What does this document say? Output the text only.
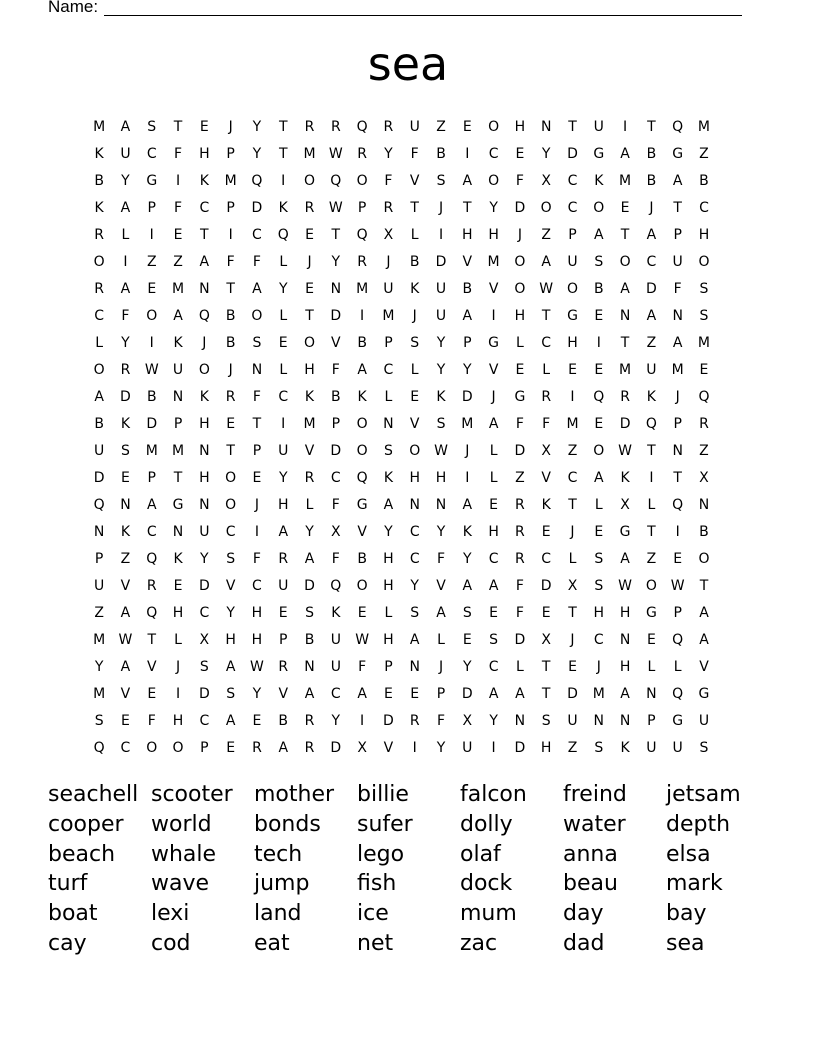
Name:
sea
M	A	S	T	E	J	Y	T	R	R	Q	R	U	Z	E	O	H	N	T	U	I	T	Q	M
K	U	C	F	H	P	Y	T	M W	R	Y	F	B	I	C	E	Y	D	G	A	B	G	Z
B	Y	G	I	K	M	Q	I	O	Q	O	F	V	S	A	O	F	X	C	K	M	B	A	B
K	A	P	F	C	P	D	K	R	W	P	R	T	J	T	Y	D	O	C	O	E	J	T	C
R	L	I	E	T	I	C	Q	E	T	Q	X	L	I	H	H	J	Z	P	A	T	A	P	H
O	I	Z	Z	A	F	F	L	J	Y	R	J	B	D	V	M	O	A	U	S	O	C	U	O
R	A	E	M	N	T	A	Y	E	N	M	U	K	U	B	V	O W O	B	A	D	F	S
C	F	O	A	Q	B	O	L	T	D	I	M	J	U	A	I	H	T	G	E	N	A	N	S
L	Y	I	K	J	B	S	E	O	V	B	P	S	Y	P	G	L	C	H	I	T	Z	A	M
O	R	W	U	O	J	N	L	H	F	A	C	L	Y	Y	V	E	L	E	E	M	U	M	E
A	D	B	N	K	R	F	C	K	B	K	L	E	K	D	J	G	R	I	Q	R	K	J	Q
B	K	D	P	H	E	T	I	M	P	O	N	V	S	M	A	F	F	M	E	D	Q	P	R
U	S	M	M	N	T	P	U	V	D	O	S	O W	J	L	D	X	Z	O W	T	N	Z
D	E	P	T	H	O	E	Y	R	C	Q	K	H	H	I	L	Z	V	C	A	K	I	T	X
Q	N	A	G	N	O	J	H	L	F	G	A	N	N	A	E	R	K	T	L	X	L	Q	N
N	K	C	N	U	C	I	A	Y	X	V	Y	C	Y	K	H	R	E	J	E	G	T	I	B
P	Z	Q	K	Y	S	F	R	A	F	B	H	C	F	Y	C	R	C	L	S	A	Z	E	O
U	V	R	E	D	V	C	U	D	Q	O	H	Y	V	A	A	F	D	X	S	W O W	T
Z	A	Q	H	C	Y	H	E	S	K	E	L	S	A	S	E	F	E	T	H	H	G	P	A
M W	T	L	X	H	H	P	B	U	W	H	A	L	E	S	D	X	J	C	N	E	Q	A
Y	A	V	J	S	A	W	R	N	U	F	P	N	J	Y	C	L	T	E	J	H	L	L	V
M	V	E	I	D	S	Y	V	A	C	A	E	E	P	D	A	A	T	D	M	A	N	Q	G
S	E	F	H	C	A	E	B	R	Y	I	D	R	F	X	Y	N	S	U	N	N	P	G	U
Q	C	O	O	P	E	R	A	R	D	X	V	I	Y	U	I	D	H	Z	S	K	U	U	S
seachell scooter mother	billie	falcon	freind	jetsam
cooper	world	bonds	sufer	dolly	water	depth
beach	whale	tech	lego	olaf	anna	elsa
turf	wave	jump	fish	dock	beau	mark
boat	lexi	land	ice	mum	day	bay
cay	cod	eat	net	zac	dad	sea
